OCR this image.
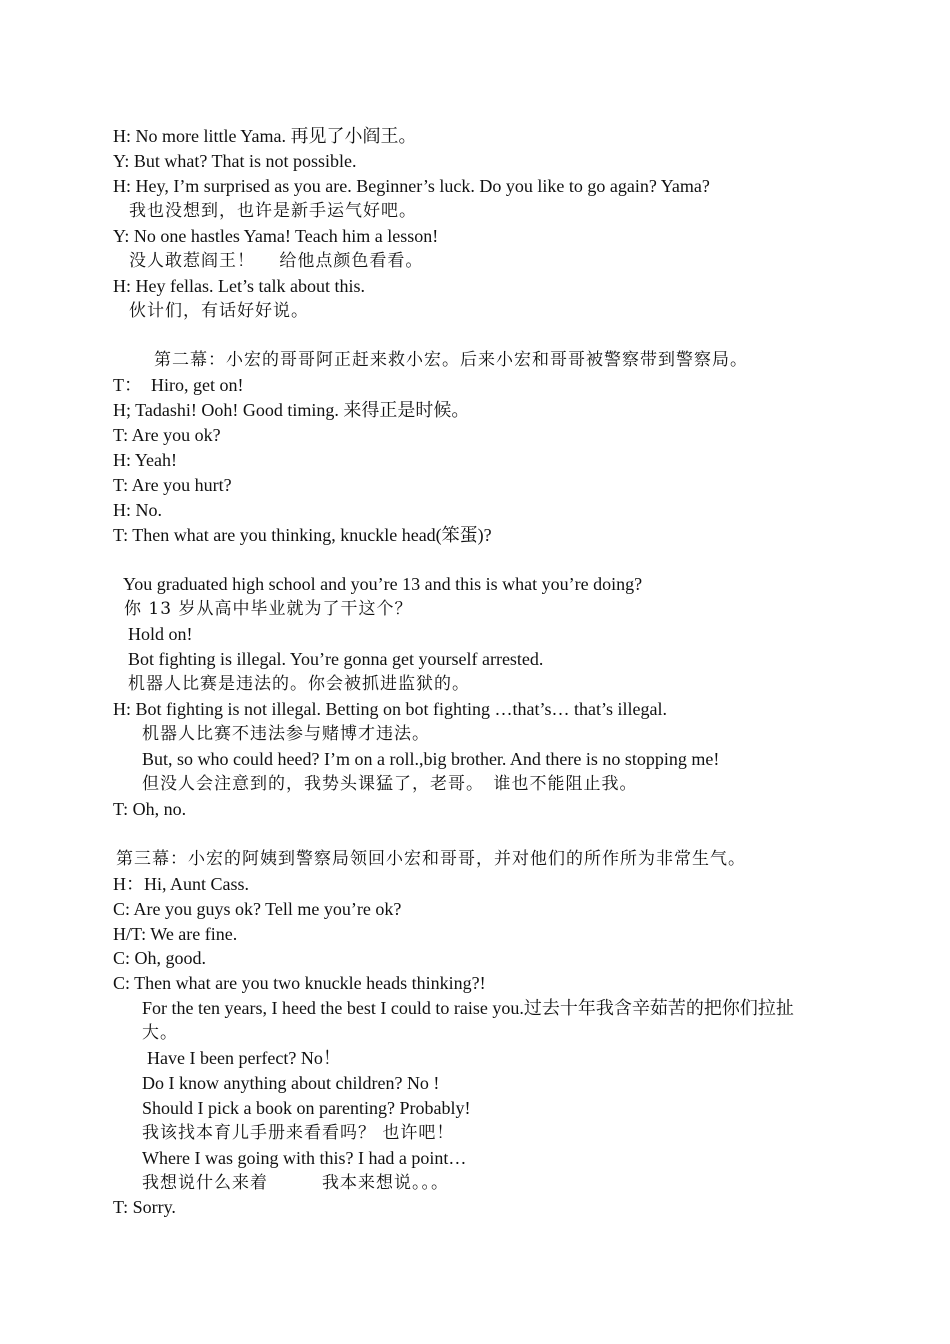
H: No more little Yama. 再见了小阎王。
Y: But what? That is not possible.
H: Hey, I’m surprised as you are. Beginner’s luck. Do you like to go again? Yama?
我也没想到，也许是新手运气好吧。
Y: No one hastles Yama! Teach him a lesson!
没人敢惹阎王！　 给他点颜色看看。
H: Hey fellas. Let’s talk about this.
伙计们，有话好好说。
第二幕：小宏的哥哥阿正赶来救小宏。后来小宏和哥哥被警察带到警察局。
T：  Hiro, get on!
H; Tadashi! Ooh! Good timing. 来得正是时候。
T: Are you ok?
H: Yeah!
T: Are you hurt?
H: No.
T: Then what are you thinking, knuckle head(笨蛋)?
You graduated high school and you’re 13 and this is what you’re doing?
你 13 岁从高中毕业就为了干这个？
Hold on!
Bot fighting is illegal. You’re gonna get yourself arrested.
机器人比赛是违法的。你会被抓进监狱的。
H: Bot fighting is not illegal. Betting on bot fighting …that’s… that’s illegal.
机器人比赛不违法参与赌博才违法。
But, so who could heed? I’m on a roll.,big brother. And there is no stopping me!
但没人会注意到的，我势头课猛了，老哥。　谁也不能阻止我。
T: Oh, no.
第三幕：小宏的阿姨到警察局领回小宏和哥哥，并对他们的所作所为非常生气。
H：Hi, Aunt Cass.
C: Are you guys ok? Tell me you’re ok?
H/T: We are fine.
C: Oh, good.
C: Then what are you two knuckle heads thinking?!
For the ten years, I heed the best I could to raise you.过去十年我含辛茹苦的把你们拉扯
大。
Have I been perfect? No！
Do I know anything about children? No !
Should I pick a book on parenting? Probably!
我该找本育儿手册来看看吗？ 也许吧！
Where I was going with this? I had a point…
我想说什么来着　　　我本来想说。。。
T: Sorry.
